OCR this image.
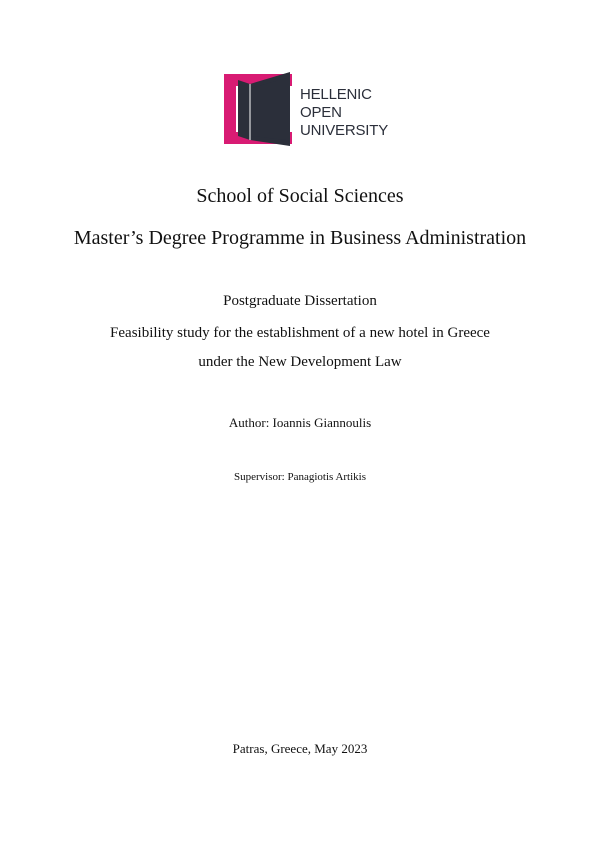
HELLENIC
OPEN
UNIVERSITY
School of Social Sciences
Master’s Degree Programme in Business Administration
Postgraduate Dissertation
Feasibility study for the establishment of a new hotel in Greece
under the New Development Law
Author: Ioannis Giannoulis
Supervisor: Panagiotis Artikis
Patras, Greece, May 2023
